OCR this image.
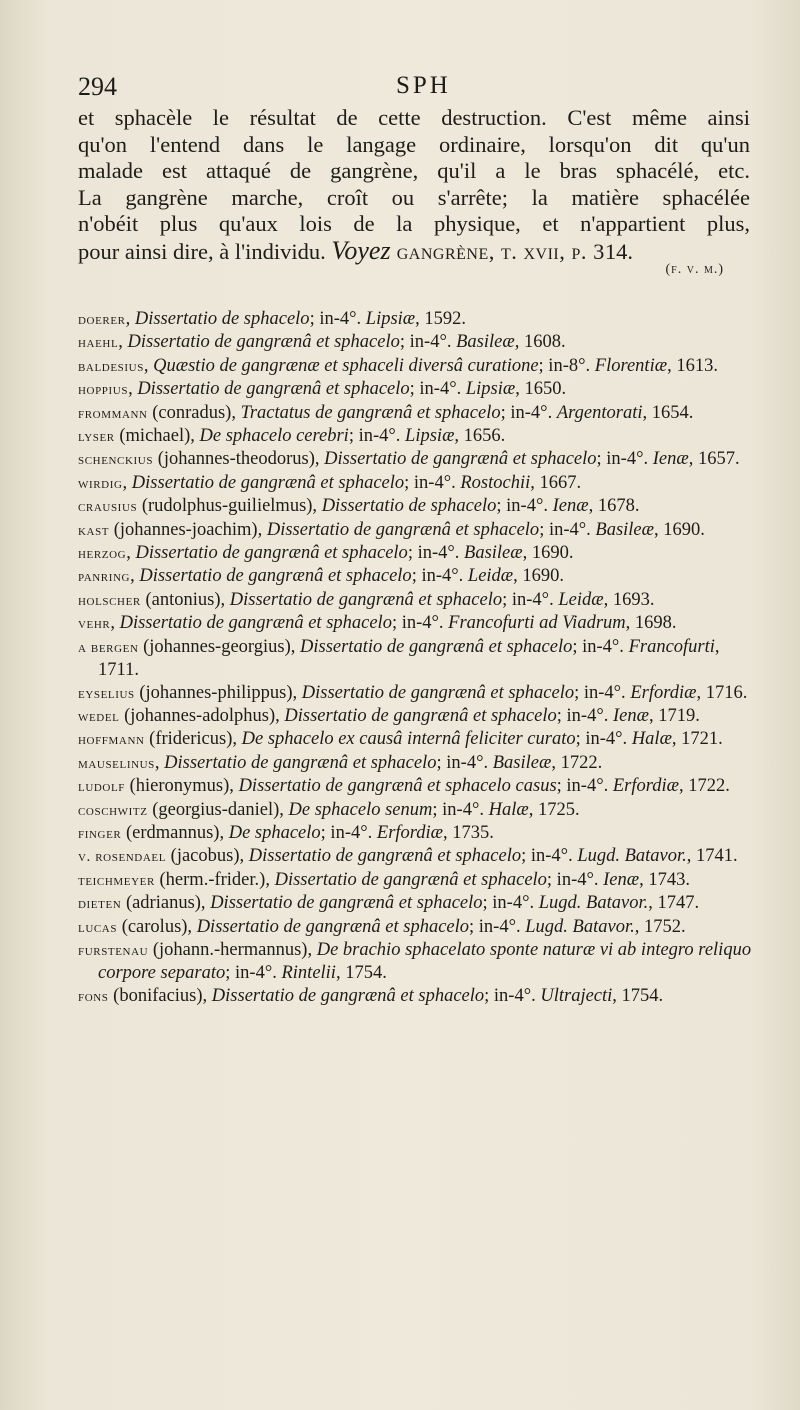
294	SPH
et sphacèle le résultat de cette destruction. C'est même ainsi
qu'on l'entend dans le langage ordinaire, lorsqu'on dit qu'un
malade est attaqué de gangrène, qu'il a le bras sphacélé, etc.
La gangrène marche, croît ou s'arrête; la matière sphacélée
n'obéit plus qu'aux lois de la physique, et n'appartient plus,
pour ainsi dire, à l'individu. Voyez gangrène, t. xvii, p. 314.
(f. v. m.)

doerer, Dissertatio de sphacelo; in-4°. Lipsiæ, 1592.

haehl, Dissertatio de gangrænâ et sphacelo; in-4°. Basileæ, 1608.

baldesius, Quæstio de gangrænæ et sphaceli diversâ curatione; in-8°. Florentiæ, 1613.

hoppius, Dissertatio de gangrænâ et sphacelo; in-4°. Lipsiæ, 1650.

frommann (conradus), Tractatus de gangrænâ et sphacelo; in-4°. Argentorati, 1654.

lyser (michael), De sphacelo cerebri; in-4°. Lipsiæ, 1656.

schenckius (johannes-theodorus), Dissertatio de gangrænâ et sphacelo; in-4°. Ienæ, 1657.

wirdig, Dissertatio de gangrænâ et sphacelo; in-4°. Rostochii, 1667.

crausius (rudolphus-guilielmus), Dissertatio de sphacelo; in-4°. Ienæ, 1678.

kast (johannes-joachim), Dissertatio de gangrænâ et sphacelo; in-4°. Basileæ, 1690.

herzog, Dissertatio de gangrænâ et sphacelo; in-4°. Basileæ, 1690.

panring, Dissertatio de gangrænâ et sphacelo; in-4°. Leidæ, 1690.

holscher (antonius), Dissertatio de gangrænâ et sphacelo; in-4°. Leidæ, 1693.

vehr, Dissertatio de gangrænâ et sphacelo; in-4°. Francofurti ad Viadrum, 1698.

a bergen (johannes-georgius), Dissertatio de gangrænâ et sphacelo; in-4°. Francofurti, 1711.

eyselius (johannes-philippus), Dissertatio de gangrænâ et sphacelo; in-4°. Erfordiæ, 1716.

wedel (johannes-adolphus), Dissertatio de gangrænâ et sphacelo; in-4°. Ienæ, 1719.

hoffmann (fridericus), De sphacelo ex causâ internâ feliciter curato; in-4°. Halæ, 1721.

mauselinus, Dissertatio de gangrænâ et sphacelo; in-4°. Basileæ, 1722.

ludolf (hieronymus), Dissertatio de gangrænâ et sphacelo casus; in-4°. Erfordiæ, 1722.

coschwitz (georgius-daniel), De sphacelo senum; in-4°. Halæ, 1725.

finger (erdmannus), De sphacelo; in-4°. Erfordiæ, 1735.

v. rosendael (jacobus), Dissertatio de gangrænâ et sphacelo; in-4°. Lugd. Batavor., 1741.

teichmeyer (herm.-frider.), Dissertatio de gangrænâ et sphacelo; in-4°. Ienæ, 1743.

dieten (adrianus), Dissertatio de gangrænâ et sphacelo; in-4°. Lugd. Batavor., 1747.

lucas (carolus), Dissertatio de gangrænâ et sphacelo; in-4°. Lugd. Batavor., 1752.

furstenau (johann.-hermannus), De brachio sphacelato sponte naturæ vi ab integro reliquo corpore separato; in-4°. Rintelii, 1754.

fons (bonifacius), Dissertatio de gangrænâ et sphacelo; in-4°. Ultrajecti, 1754.
